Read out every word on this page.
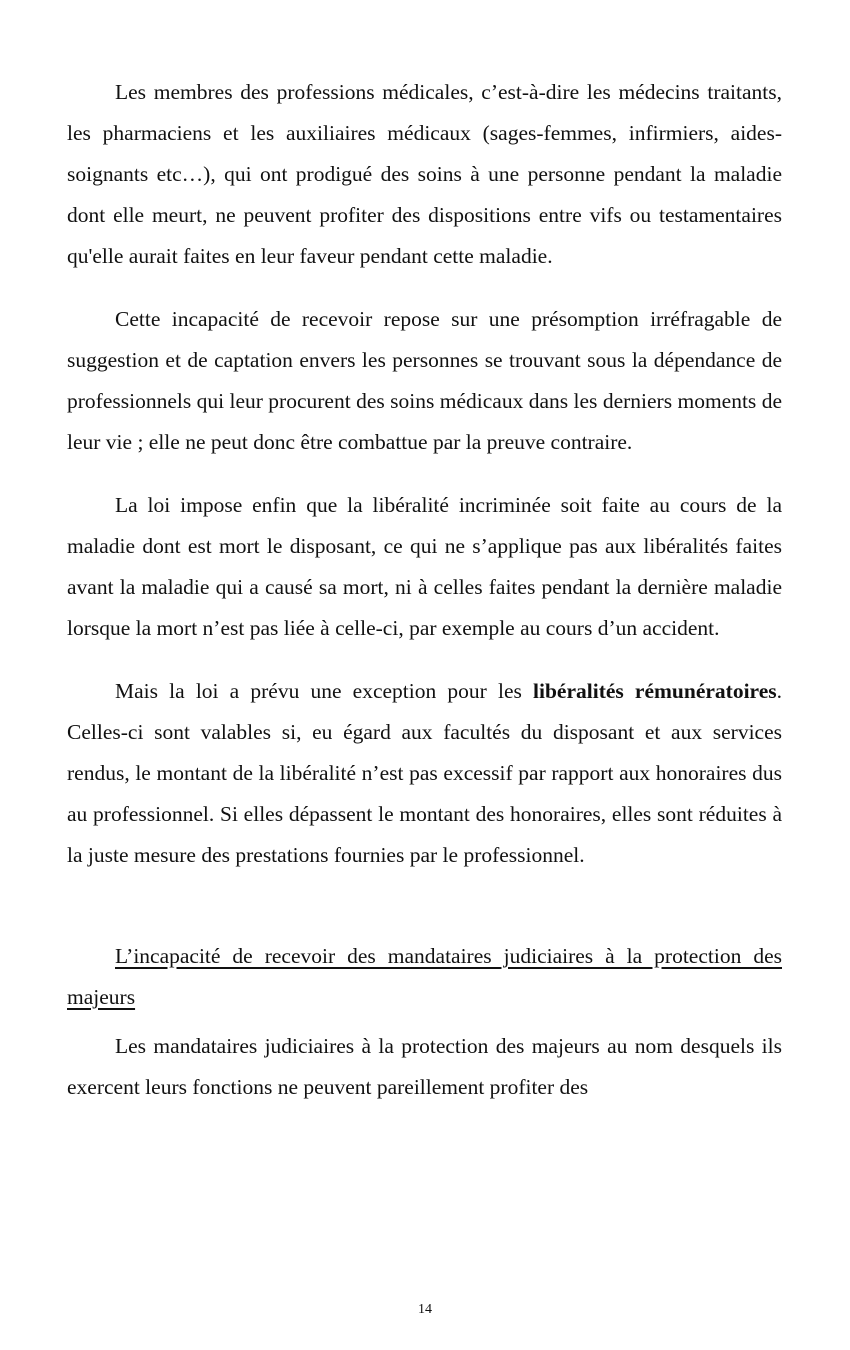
Les membres des professions médicales, c’est-à-dire les médecins traitants, les pharmaciens et les auxiliaires médicaux (sages-femmes, infirmiers, aides-soignants etc…), qui ont prodigué des soins à une personne pendant la maladie dont elle meurt, ne peuvent profiter des dispositions entre vifs ou testamentaires qu'elle aurait faites en leur faveur pendant cette maladie.

Cette incapacité de recevoir repose sur une présomption irréfragable de suggestion et de captation envers les personnes se trouvant sous la dépendance de professionnels qui leur procurent des soins médicaux dans les derniers moments de leur vie ; elle ne peut donc être combattue par la preuve contraire.

La loi impose enfin que la libéralité incriminée soit faite au cours de la maladie dont est mort le disposant, ce qui ne s’applique pas aux libéralités faites avant la maladie qui a causé sa mort, ni à celles faites pendant la dernière maladie lorsque la mort n’est pas liée à celle-ci, par exemple au cours d’un accident.

Mais la loi a prévu une exception pour les libéralités rémunératoires. Celles-ci sont valables si, eu égard aux facultés du disposant et aux services rendus, le montant de la libéralité n’est pas excessif par rapport aux honoraires dus au professionnel. Si elles dépassent le montant des honoraires, elles sont réduites à la juste mesure des prestations fournies par le professionnel.

L’incapacité de recevoir des mandataires judiciaires à la protection des majeurs

Les mandataires judiciaires à la protection des majeurs au nom desquels ils exercent leurs fonctions ne peuvent pareillement profiter des

14
